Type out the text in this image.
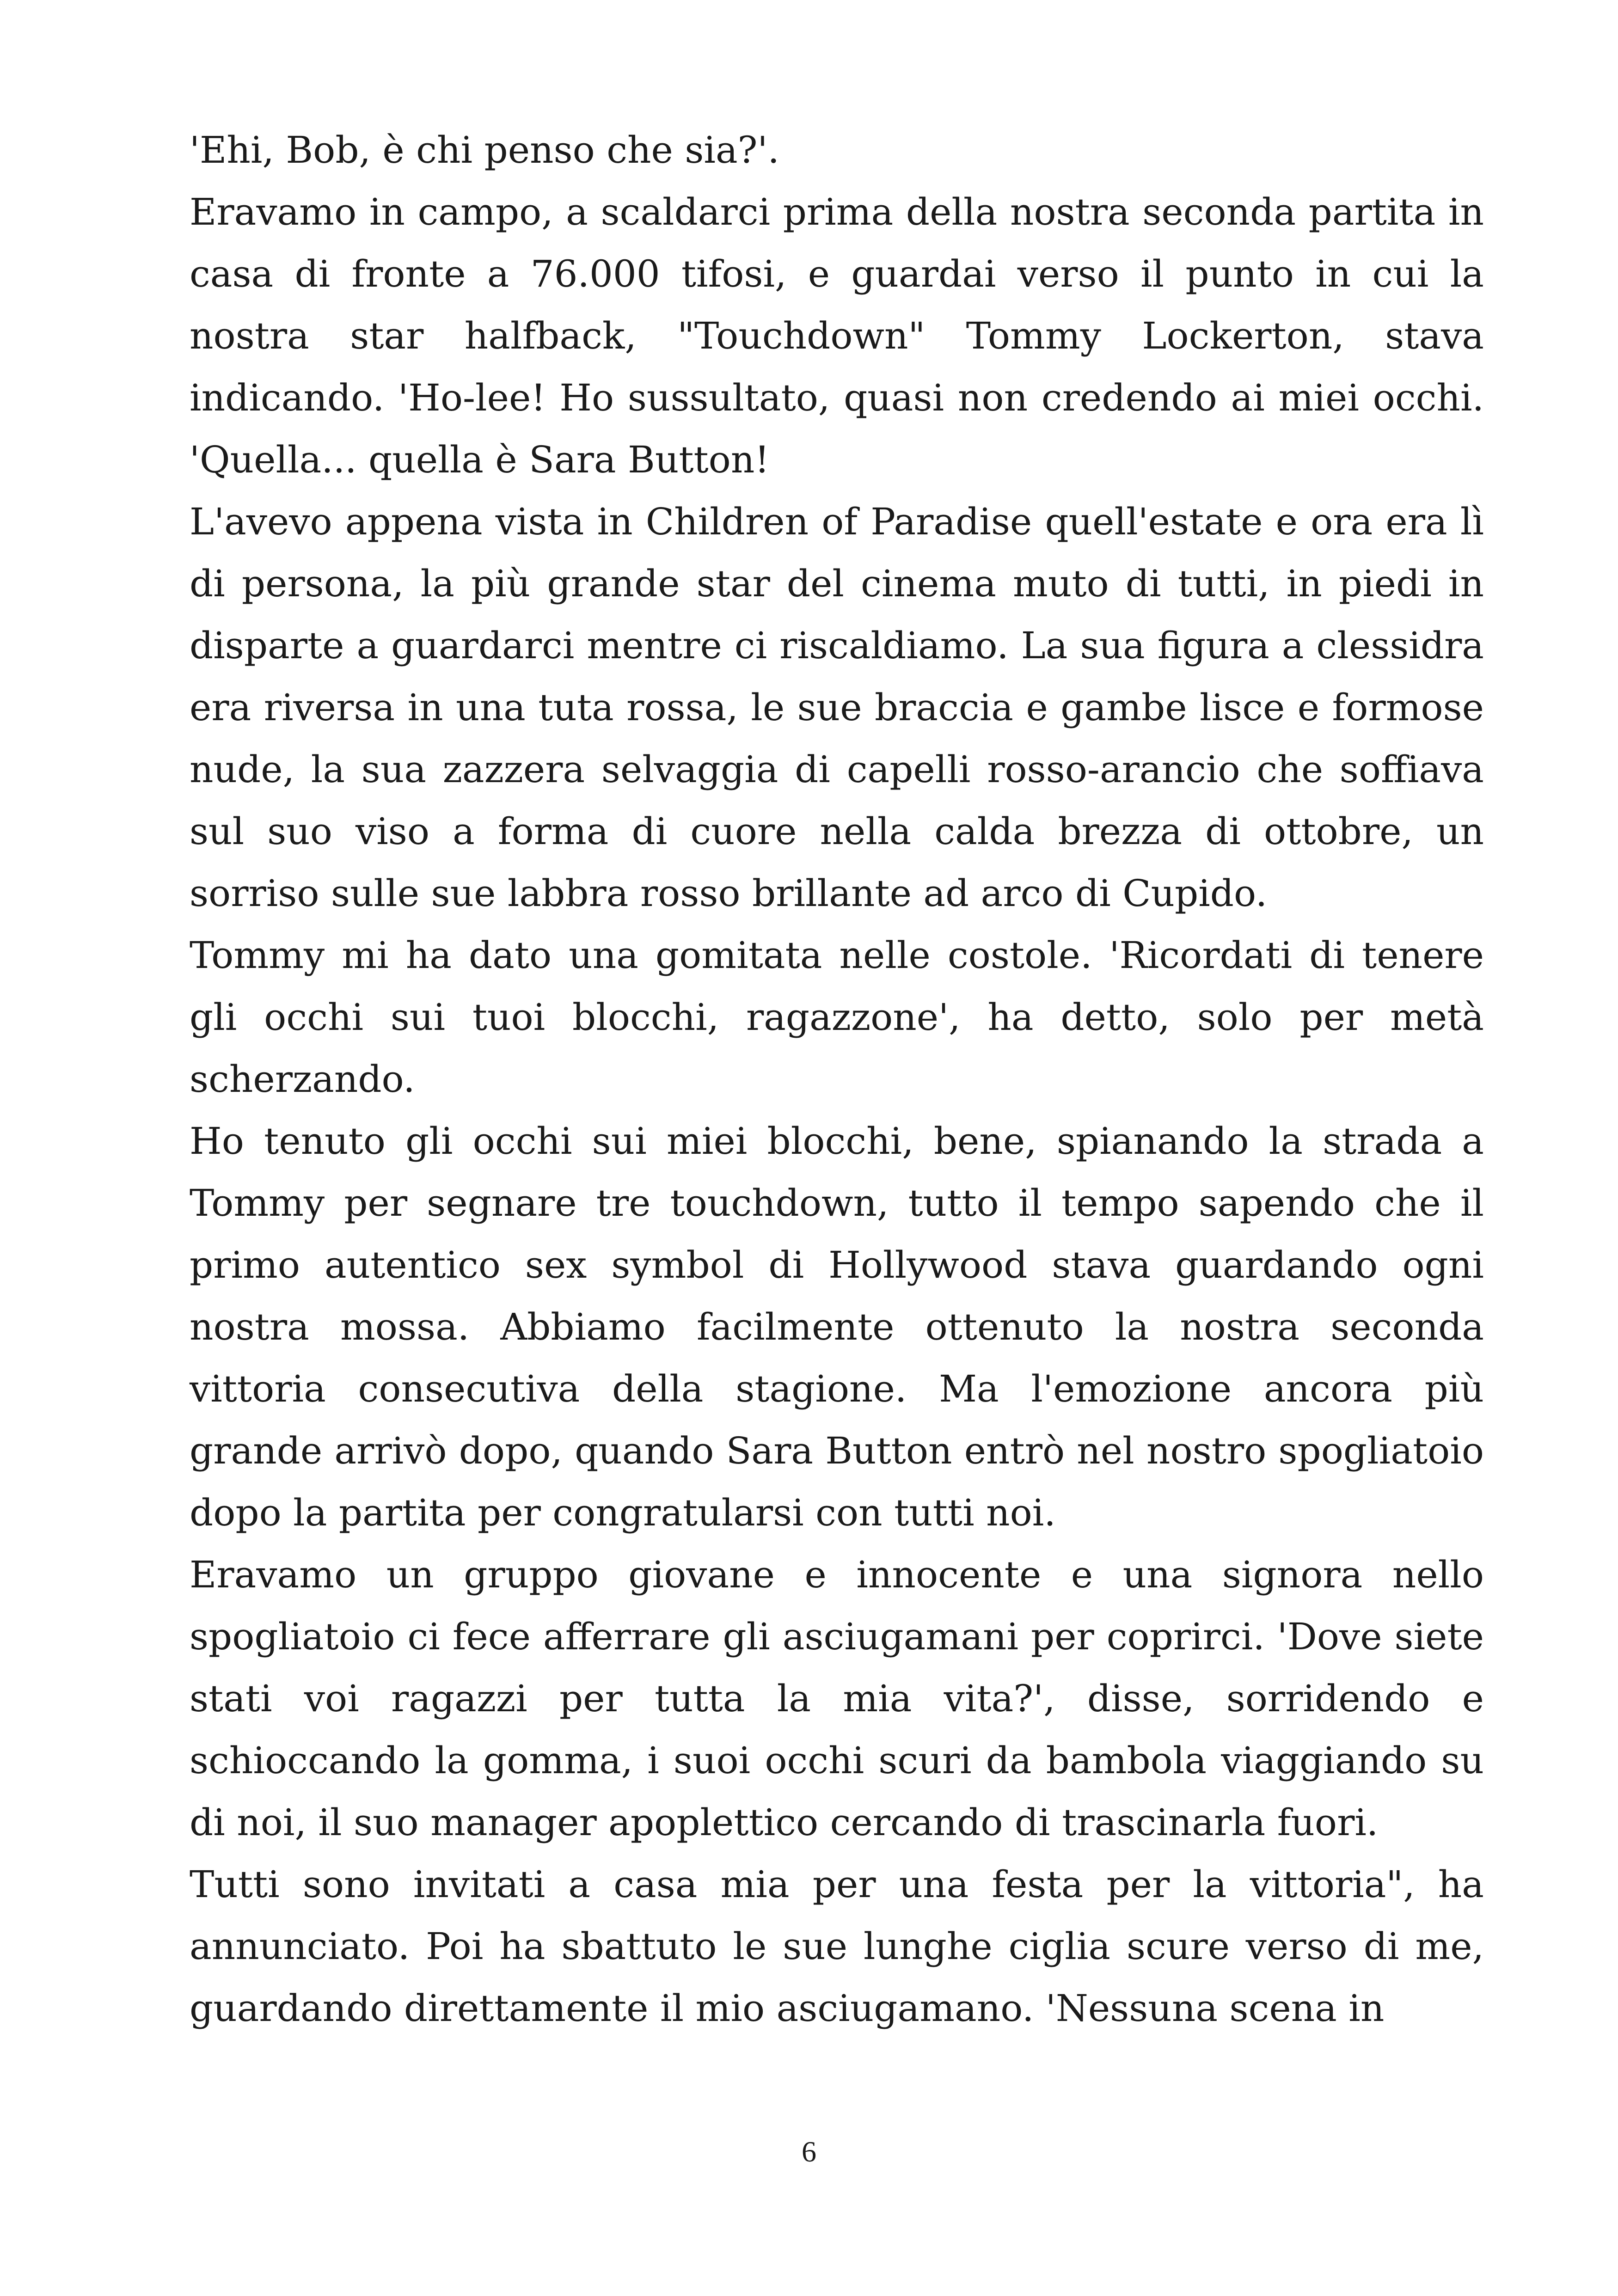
'Ehi, Bob, è chi penso che sia?'.

Eravamo in campo, a scaldarci prima della nostra seconda partita in casa di fronte a 76.000 tifosi, e guardai verso il punto in cui la nostra star halfback, "Touchdown" Tommy Lockerton, stava indicando. 'Ho-lee! Ho sussultato, quasi non credendo ai miei occhi. 'Quella... quella è Sara Button!

L'avevo appena vista in Children of Paradise quell'estate e ora era lì di persona, la più grande star del cinema muto di tutti, in piedi in disparte a guardarci mentre ci riscaldiamo. La sua figura a clessidra era riversa in una tuta rossa, le sue braccia e gambe lisce e formose nude, la sua zazzera selvaggia di capelli rosso-arancio che soffiava sul suo viso a forma di cuore nella calda brezza di ottobre, un sorriso sulle sue labbra rosso brillante ad arco di Cupido.

Tommy mi ha dato una gomitata nelle costole. 'Ricordati di tenere gli occhi sui tuoi blocchi, ragazzone', ha detto, solo per metà scherzando.

Ho tenuto gli occhi sui miei blocchi, bene, spianando la strada a Tommy per segnare tre touchdown, tutto il tempo sapendo che il primo autentico sex symbol di Hollywood stava guardando ogni nostra mossa. Abbiamo facilmente ottenuto la nostra seconda vittoria consecutiva della stagione. Ma l'emozione ancora più grande arrivò dopo, quando Sara Button entrò nel nostro spogliatoio dopo la partita per congratularsi con tutti noi.

Eravamo un gruppo giovane e innocente e una signora nello spogliatoio ci fece afferrare gli asciugamani per coprirci. 'Dove siete stati voi ragazzi per tutta la mia vita?', disse, sorridendo e schioccando la gomma, i suoi occhi scuri da bambola viaggiando su di noi, il suo manager apoplettico cercando di trascinarla fuori.

Tutti sono invitati a casa mia per una festa per la vittoria", ha annunciato. Poi ha sbattuto le sue lunghe ciglia scure verso di me, guardando direttamente il mio asciugamano. 'Nessuna scena in

6
